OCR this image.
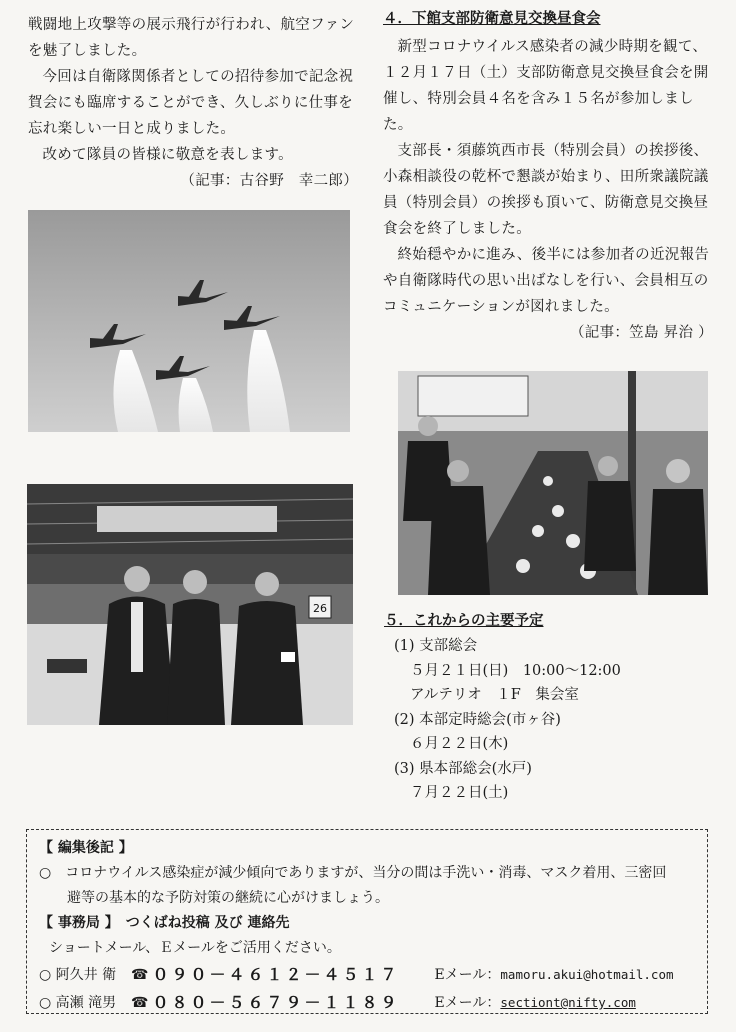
戦闘地上攻撃等の展示飛行が行われ、航空ファンを魅了しました。

今回は自衛隊関係者としての招待参加で記念祝賀会にも臨席することができ、久しぶりに仕事を忘れ楽しい一日と成りました。

改めて隊員の皆様に敬意を表します。

（記事：古谷野　幸二郎）

26

４．下館支部防衛意見交換昼食会

新型コロナウイルス感染者の減少時期を観て、１２月１７日（土）支部防衛意見交換昼食会を開催し、特別会員４名を含み１５名が参加しました。

支部長・須藤筑西市長（特別会員）の挨拶後、小森相談役の乾杯で懇談が始まり、田所衆議院議員（特別会員）の挨拶も頂いて、防衛意見交換昼食会を終了しました。

終始穏やかに進み、後半には参加者の近況報告や自衛隊時代の思い出ばなしを行い、会員相互のコミュニケーションが図れました。

（記事：笠島 昇治 ）

５．これからの主要予定

(1) 支部総会

５月２１日(日)　10:00～12:00

アルテリオ　１F　集会室

(2) 本部定時総会(市ヶ谷)

６月２２日(木)

(3) 県本部総会(水戸)

７月２２日(土)

【 編集後記 】

○　コロナウイルス感染症が減少傾向でありますが、当分の間は手洗い・消毒、マスク着用、三密回

避等の基本的な予防対策の継続に心がけましょう。

【 事務局 】　つくばね投稿 及び 連絡先

ショートメール、Ｅメールをご活用ください。

○ 阿久井 衛	☎ ０９０－４６１２－４５１７	Eメール： mamoru.akui@hotmail.com
○ 高瀬 滝男	☎ ０８０－５６７９－１１８９	Eメール： sectiont@nifty.com
